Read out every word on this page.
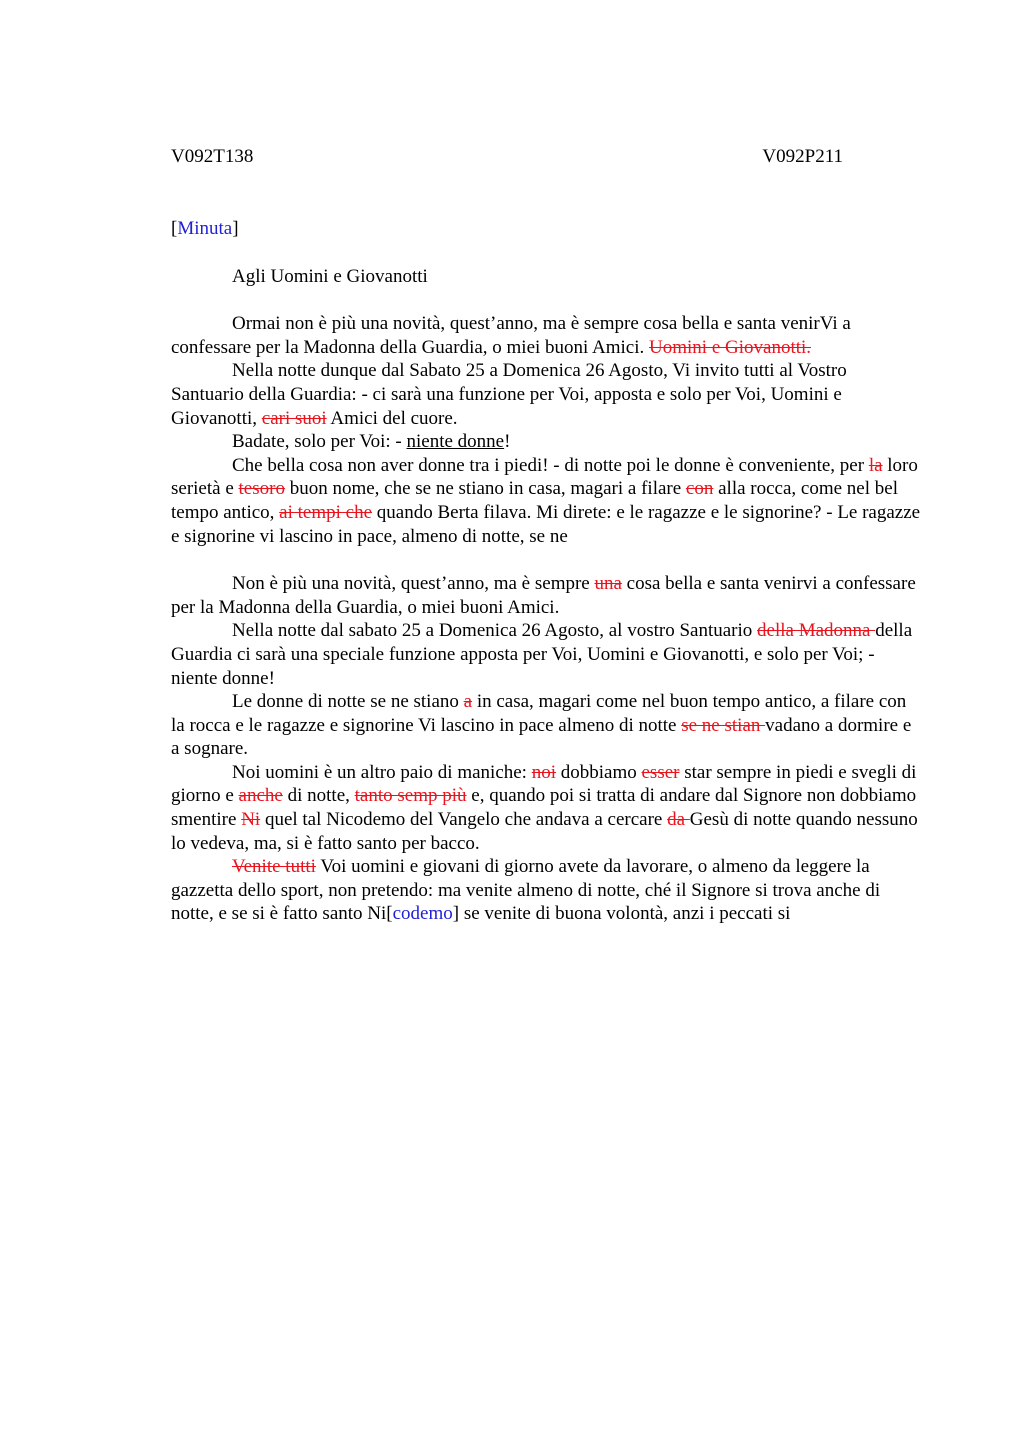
V092T138	V092P211
[Minuta]
Agli Uomini e Giovanotti

Ormai non è più una novità, quest’anno, ma è sempre cosa bella e santa venirVi a confessare per la Madonna della Guardia, o miei buoni Amici. Uomini e Giovanotti.

Nella notte dunque dal Sabato 25 a Domenica 26 Agosto, Vi invito tutti al Vostro Santuario della Guardia: - ci sarà una funzione per Voi, apposta e solo per Voi, Uomini e Giovanotti, cari suoi Amici del cuore.

Badate, solo per Voi: - niente donne!

Che bella cosa non aver donne tra i piedi! - di notte poi le donne è conveniente, per la loro serietà e tesoro buon nome, che se ne stiano in casa, magari a filare con alla rocca, come nel bel tempo antico, ai tempi che quando Berta filava. Mi direte: e le ragazze e le signorine? - Le ragazze e signorine vi lascino in pace, almeno di notte, se ne

Non è più una novità, quest’anno, ma è sempre una cosa bella e santa venirvi a confessare per la Madonna della Guardia, o miei buoni Amici.

Nella notte dal sabato 25 a Domenica 26 Agosto, al vostro Santuario della Madonna della Guardia ci sarà una speciale funzione apposta per Voi, Uomini e Giovanotti, e solo per Voi; - niente donne!

Le donne di notte se ne stiano a in casa, magari come nel buon tempo antico, a filare con la rocca e le ragazze e signorine Vi lascino in pace almeno di notte se ne stian vadano a dormire e a sognare.

Noi uomini è un altro paio di maniche: noi dobbiamo esser star sempre in piedi e svegli di giorno e anche di notte, tanto semp più e, quando poi si tratta di andare dal Signore non dobbiamo smentire Ni quel tal Nicodemo del Vangelo che andava a cercare da Gesù di notte quando nessuno lo vedeva, ma, si è fatto santo per bacco.

Venite tutti Voi uomini e giovani di giorno avete da lavorare, o almeno da leggere la gazzetta dello sport, non pretendo: ma venite almeno di notte, ché il Signore si trova anche di notte, e se si è fatto santo Ni[codemo] se venite di buona volontà, anzi i peccati si
